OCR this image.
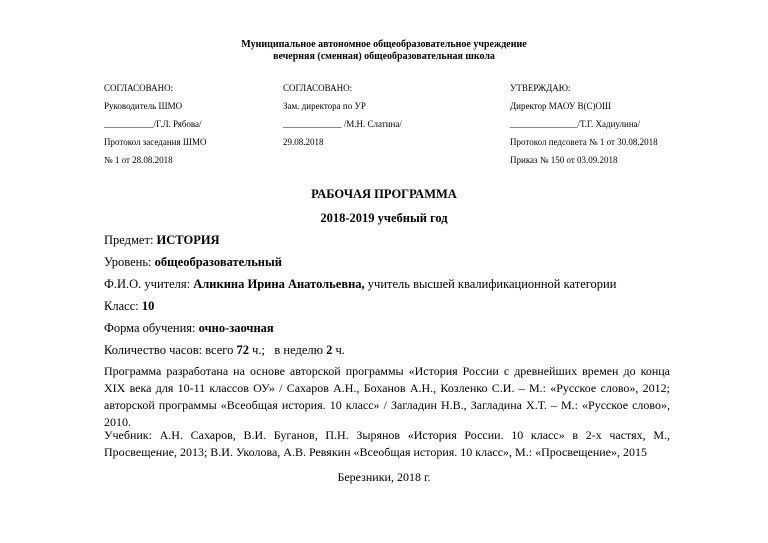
Муниципальное автономное общеобразовательное учреждение
вечерняя (сменная) общеобразовательная школа
СОГЛАСОВАНО:
Руководитель ШМО
___________/Г.Л. Рябова/
Протокол заседания ШМО
№ 1 от 28.08.2018
СОГЛАСОВАНО:
Зам. директора по УР
_____________ /М.Н. Слатина/
29.08.2018
УТВЕРЖДАЮ:
Директор МАОУ В(С)ОШ
_______________/Т.Г. Хадиулина/
Протокол педсовета № 1 от 30.08.2018
Приказ № 150 от 03.09.2018
РАБОЧАЯ ПРОГРАММА
2018-2019 учебный год
Предмет: ИСТОРИЯ
Уровень: общеобразовательный
Ф.И.О. учителя: Аликина Ирина Анатольевна, учитель высшей квалификационной категории
Класс: 10
Форма обучения: очно-заочная
Количество часов: всего 72 ч.;   в неделю 2 ч.
Программа разработана на основе авторской программы «История России с древнейших времен до конца XIX века для 10-11 классов ОУ» / Сахаров А.Н., Боханов А.Н., Козленко С.И. – М.: «Русское слово», 2012; авторской программы «Всеобщая история. 10 класс» / Загладин Н.В., Загладина Х.Т. – М.: «Русское слово», 2010.
Учебник: А.Н. Сахаров, В.И. Буганов, П.Н. Зырянов «История России. 10 класс» в 2-х частях, М., Просвещение, 2013; В.И. Уколова, А.В. Ревякин «Всеобщая история. 10 класс», М.: «Просвещение», 2015
Березники, 2018 г.
